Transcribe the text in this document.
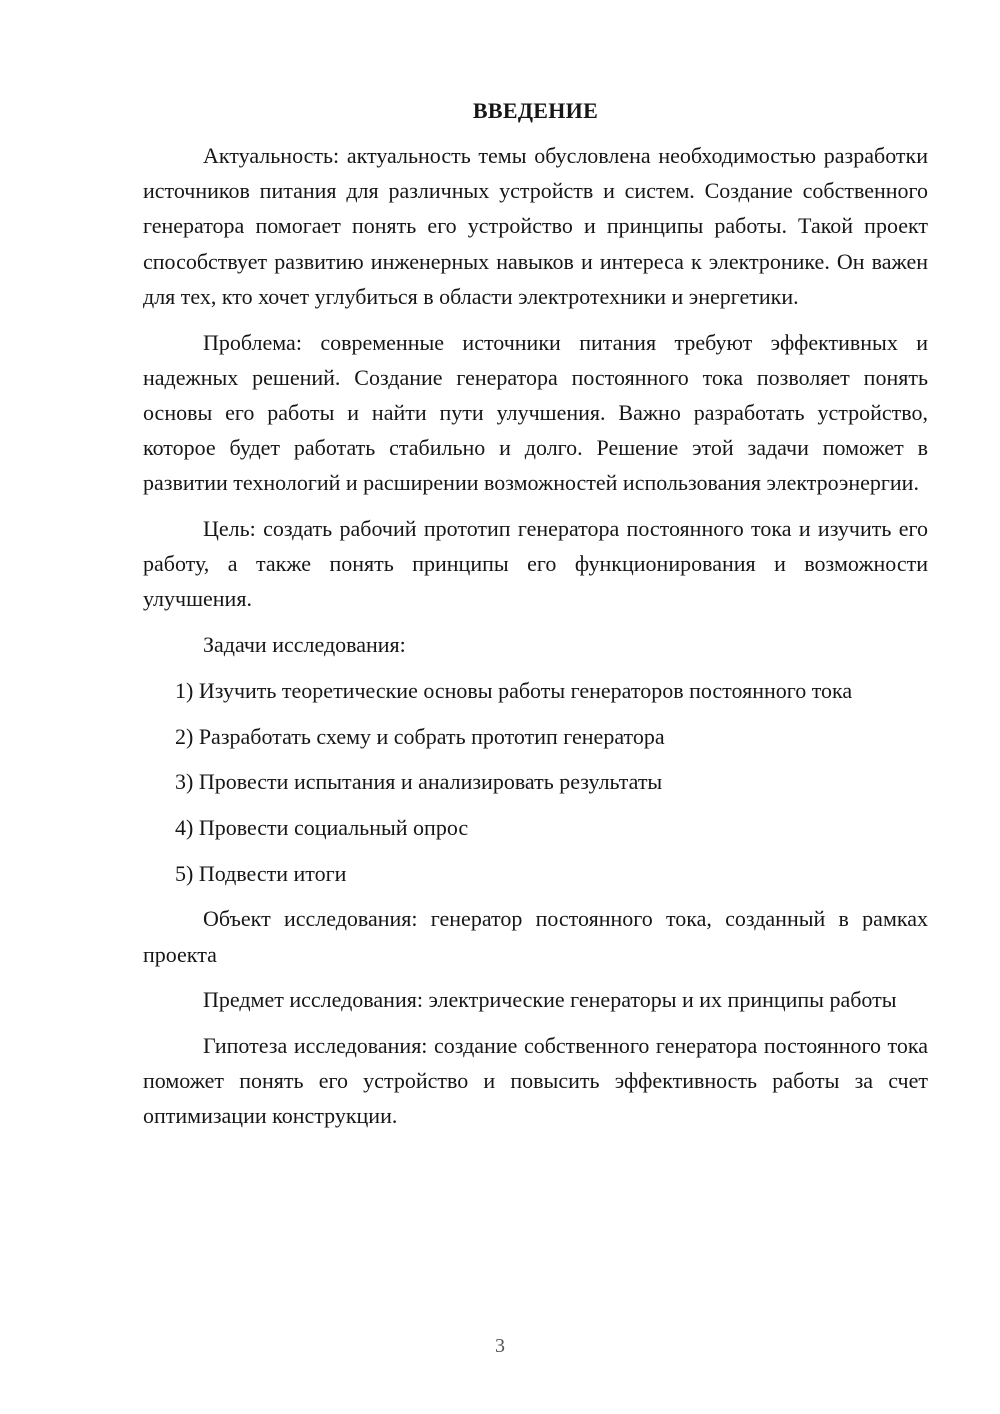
ВВЕДЕНИЕ

Актуальность: актуальность темы обусловлена необходимостью разработки источников питания для различных устройств и систем. Создание собственного генератора помогает понять его устройство и принципы работы. Такой проект способствует развитию инженерных навыков и интереса к электронике. Он важен для тех, кто хочет углубиться в области электротехники и энергетики.

Проблема: современные источники питания требуют эффективных и надежных решений. Создание генератора постоянного тока позволяет понять основы его работы и найти пути улучшения. Важно разработать устройство, которое будет работать стабильно и долго. Решение этой задачи поможет в развитии технологий и расширении возможностей использования электроэнергии.

Цель: создать рабочий прототип генератора постоянного тока и изучить его работу, а также понять принципы его функционирования и возможности улучшения.

Задачи исследования:

1) Изучить теоретические основы работы генераторов постоянного тока

2) Разработать схему и собрать прототип генератора

3) Провести испытания и анализировать результаты

4) Провести социальный опрос

5) Подвести итоги

Объект исследования: генератор постоянного тока, созданный в рамках проекта

Предмет исследования: электрические генераторы и их принципы работы

Гипотеза исследования: создание собственного генератора постоянного тока поможет понять его устройство и повысить эффективность работы за счет оптимизации конструкции.

3
